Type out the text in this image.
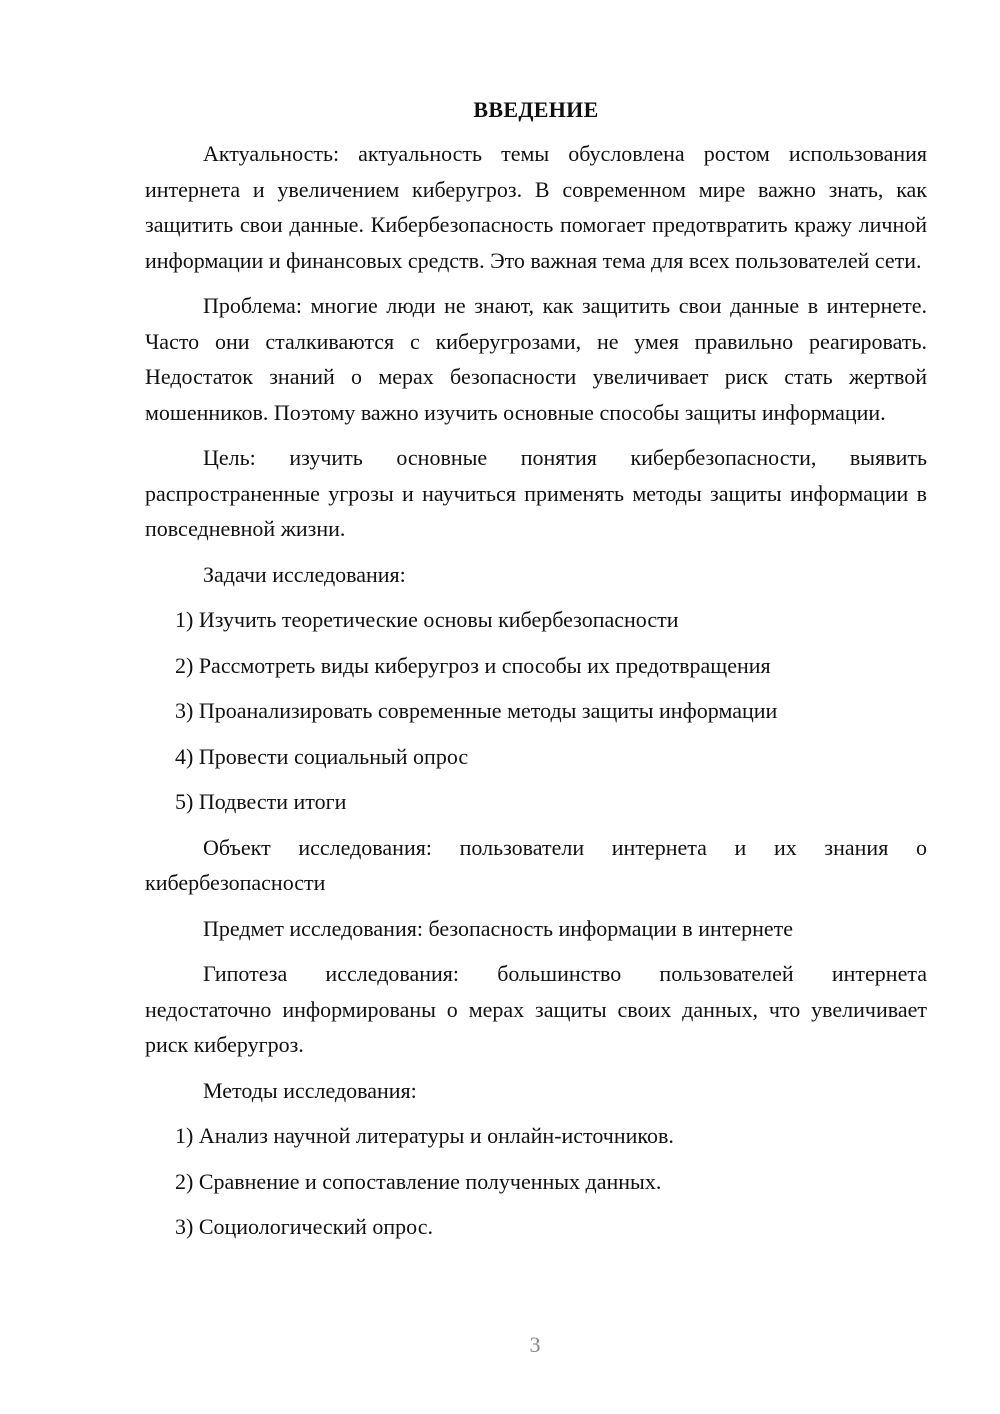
ВВЕДЕНИЕ

Актуальность: актуальность темы обусловлена ростом использования интернета и увеличением киберугроз. В современном мире важно знать, как защитить свои данные. Кибербезопасность помогает предотвратить кражу личной информации и финансовых средств. Это важная тема для всех пользователей сети.

Проблема: многие люди не знают, как защитить свои данные в интернете. Часто они сталкиваются с киберугрозами, не умея правильно реагировать. Недостаток знаний о мерах безопасности увеличивает риск стать жертвой мошенников. Поэтому важно изучить основные способы защиты информации.

Цель: изучить основные понятия кибербезопасности, выявить распространенные угрозы и научиться применять методы защиты информации в повседневной жизни.

Задачи исследования:

1) Изучить теоретические основы кибербезопасности

2) Рассмотреть виды киберугроз и способы их предотвращения

3) Проанализировать современные методы защиты информации

4) Провести социальный опрос

5) Подвести итоги

Объект исследования: пользователи интернета и их знания о кибербезопасности

Предмет исследования: безопасность информации в интернете

Гипотеза исследования: большинство пользователей интернета недостаточно информированы о мерах защиты своих данных, что увеличивает риск киберугроз.

Методы исследования:

1) Анализ научной литературы и онлайн-источников.

2) Сравнение и сопоставление полученных данных.

3) Социологический опрос.

3
